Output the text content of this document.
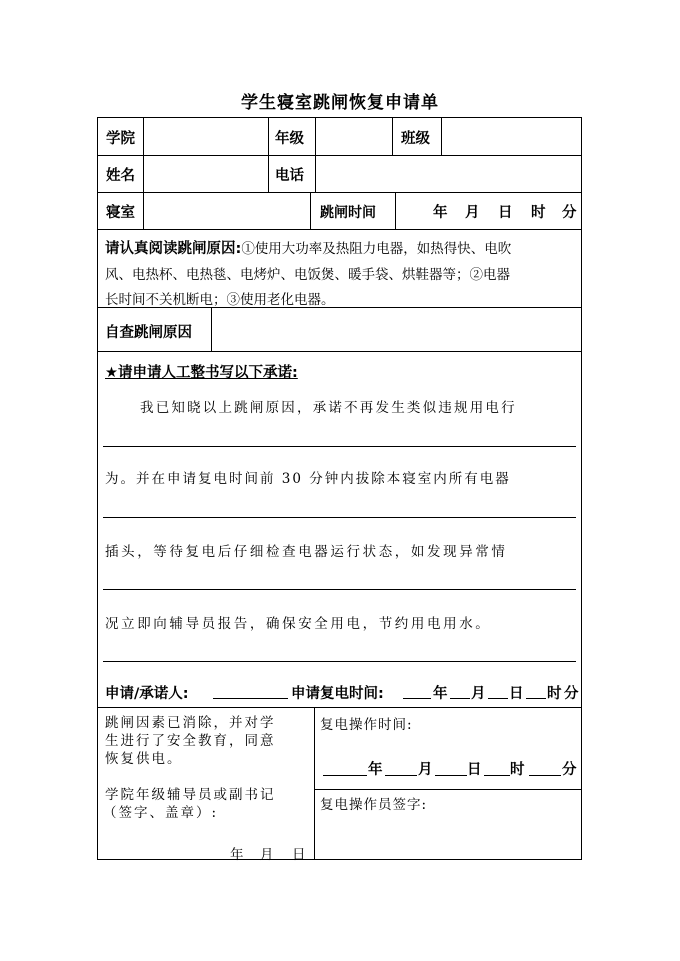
学生寝室跳闸恢复申请单
学院	年级	班级
姓名	电话
寝室	跳闸时间	年 月 日 时 分
请认真阅读跳闸原因:①使用大功率及热阻力电器，如热得快、电吹
风、电热杯、电热毯、电烤炉、电饭煲、暖手袋、烘鞋器等；②电器
长时间不关机断电；③使用老化电器。
自查跳闸原因
★请申请人工整书写以下承诺:
我已知晓以上跳闸原因，承诺不再发生类似违规用电行
为。并在申请复电时间前 30 分钟内拔除本寝室内所有电器
插头，等待复电后仔细检查电器运行状态，如发现异常情
况立即向辅导员报告，确保安全用电，节约用电用水。
申请/承诺人:	申请复电时间:	年 月 日 时 分
跳闸因素已消除，并对学
生进行了安全教育，同意
恢复供电。
学院年级辅导员或副书记
（签字、盖章）:
年 月 日
复电操作时间:
年 月 日 时	分
复电操作员签字:
